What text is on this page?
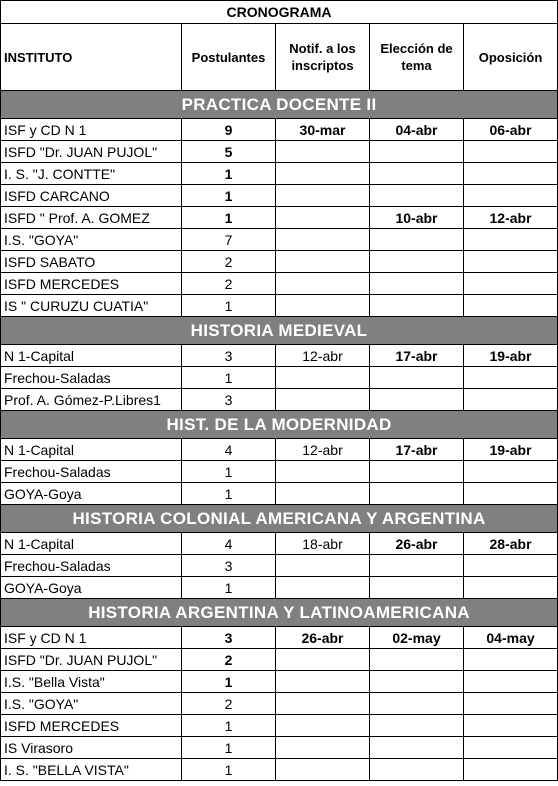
CRONOGRAMA				
INSTITUTO	Postulantes	Notif. a los inscriptos	Elección de tema	Oposición
PRACTICA DOCENTE II				
ISF y CD N 1	9	30-mar	04-abr	06-abr
ISFD "Dr. JUAN PUJOL"	5			
I. S. "J. CONTTE"	1			
ISFD CARCANO	1			
ISFD " Prof. A. GOMEZ	1		10-abr	12-abr
I.S. "GOYA"	7			
ISFD SABATO	2			
ISFD MERCEDES	2			
IS " CURUZU CUATIA"	1			
HISTORIA MEDIEVAL				
N 1-Capital	3	12-abr	17-abr	19-abr
Frechou-Saladas	1			
Prof. A. Gómez-P.Libres1	3			
HIST. DE LA MODERNIDAD				
N 1-Capital	4	12-abr	17-abr	19-abr
Frechou-Saladas	1			
GOYA-Goya	1			
HISTORIA COLONIAL AMERICANA Y ARGENTINA				
N 1-Capital	4	18-abr	26-abr	28-abr
Frechou-Saladas	3			
GOYA-Goya	1			
HISTORIA ARGENTINA Y LATINOAMERICANA				
ISF y CD N 1	3	26-abr	02-may	04-may
ISFD "Dr. JUAN PUJOL"	2			
I.S. "Bella Vista"	1			
I.S. "GOYA"	2			
ISFD MERCEDES	1			
IS Virasoro	1			
I. S. "BELLA VISTA"	1			
